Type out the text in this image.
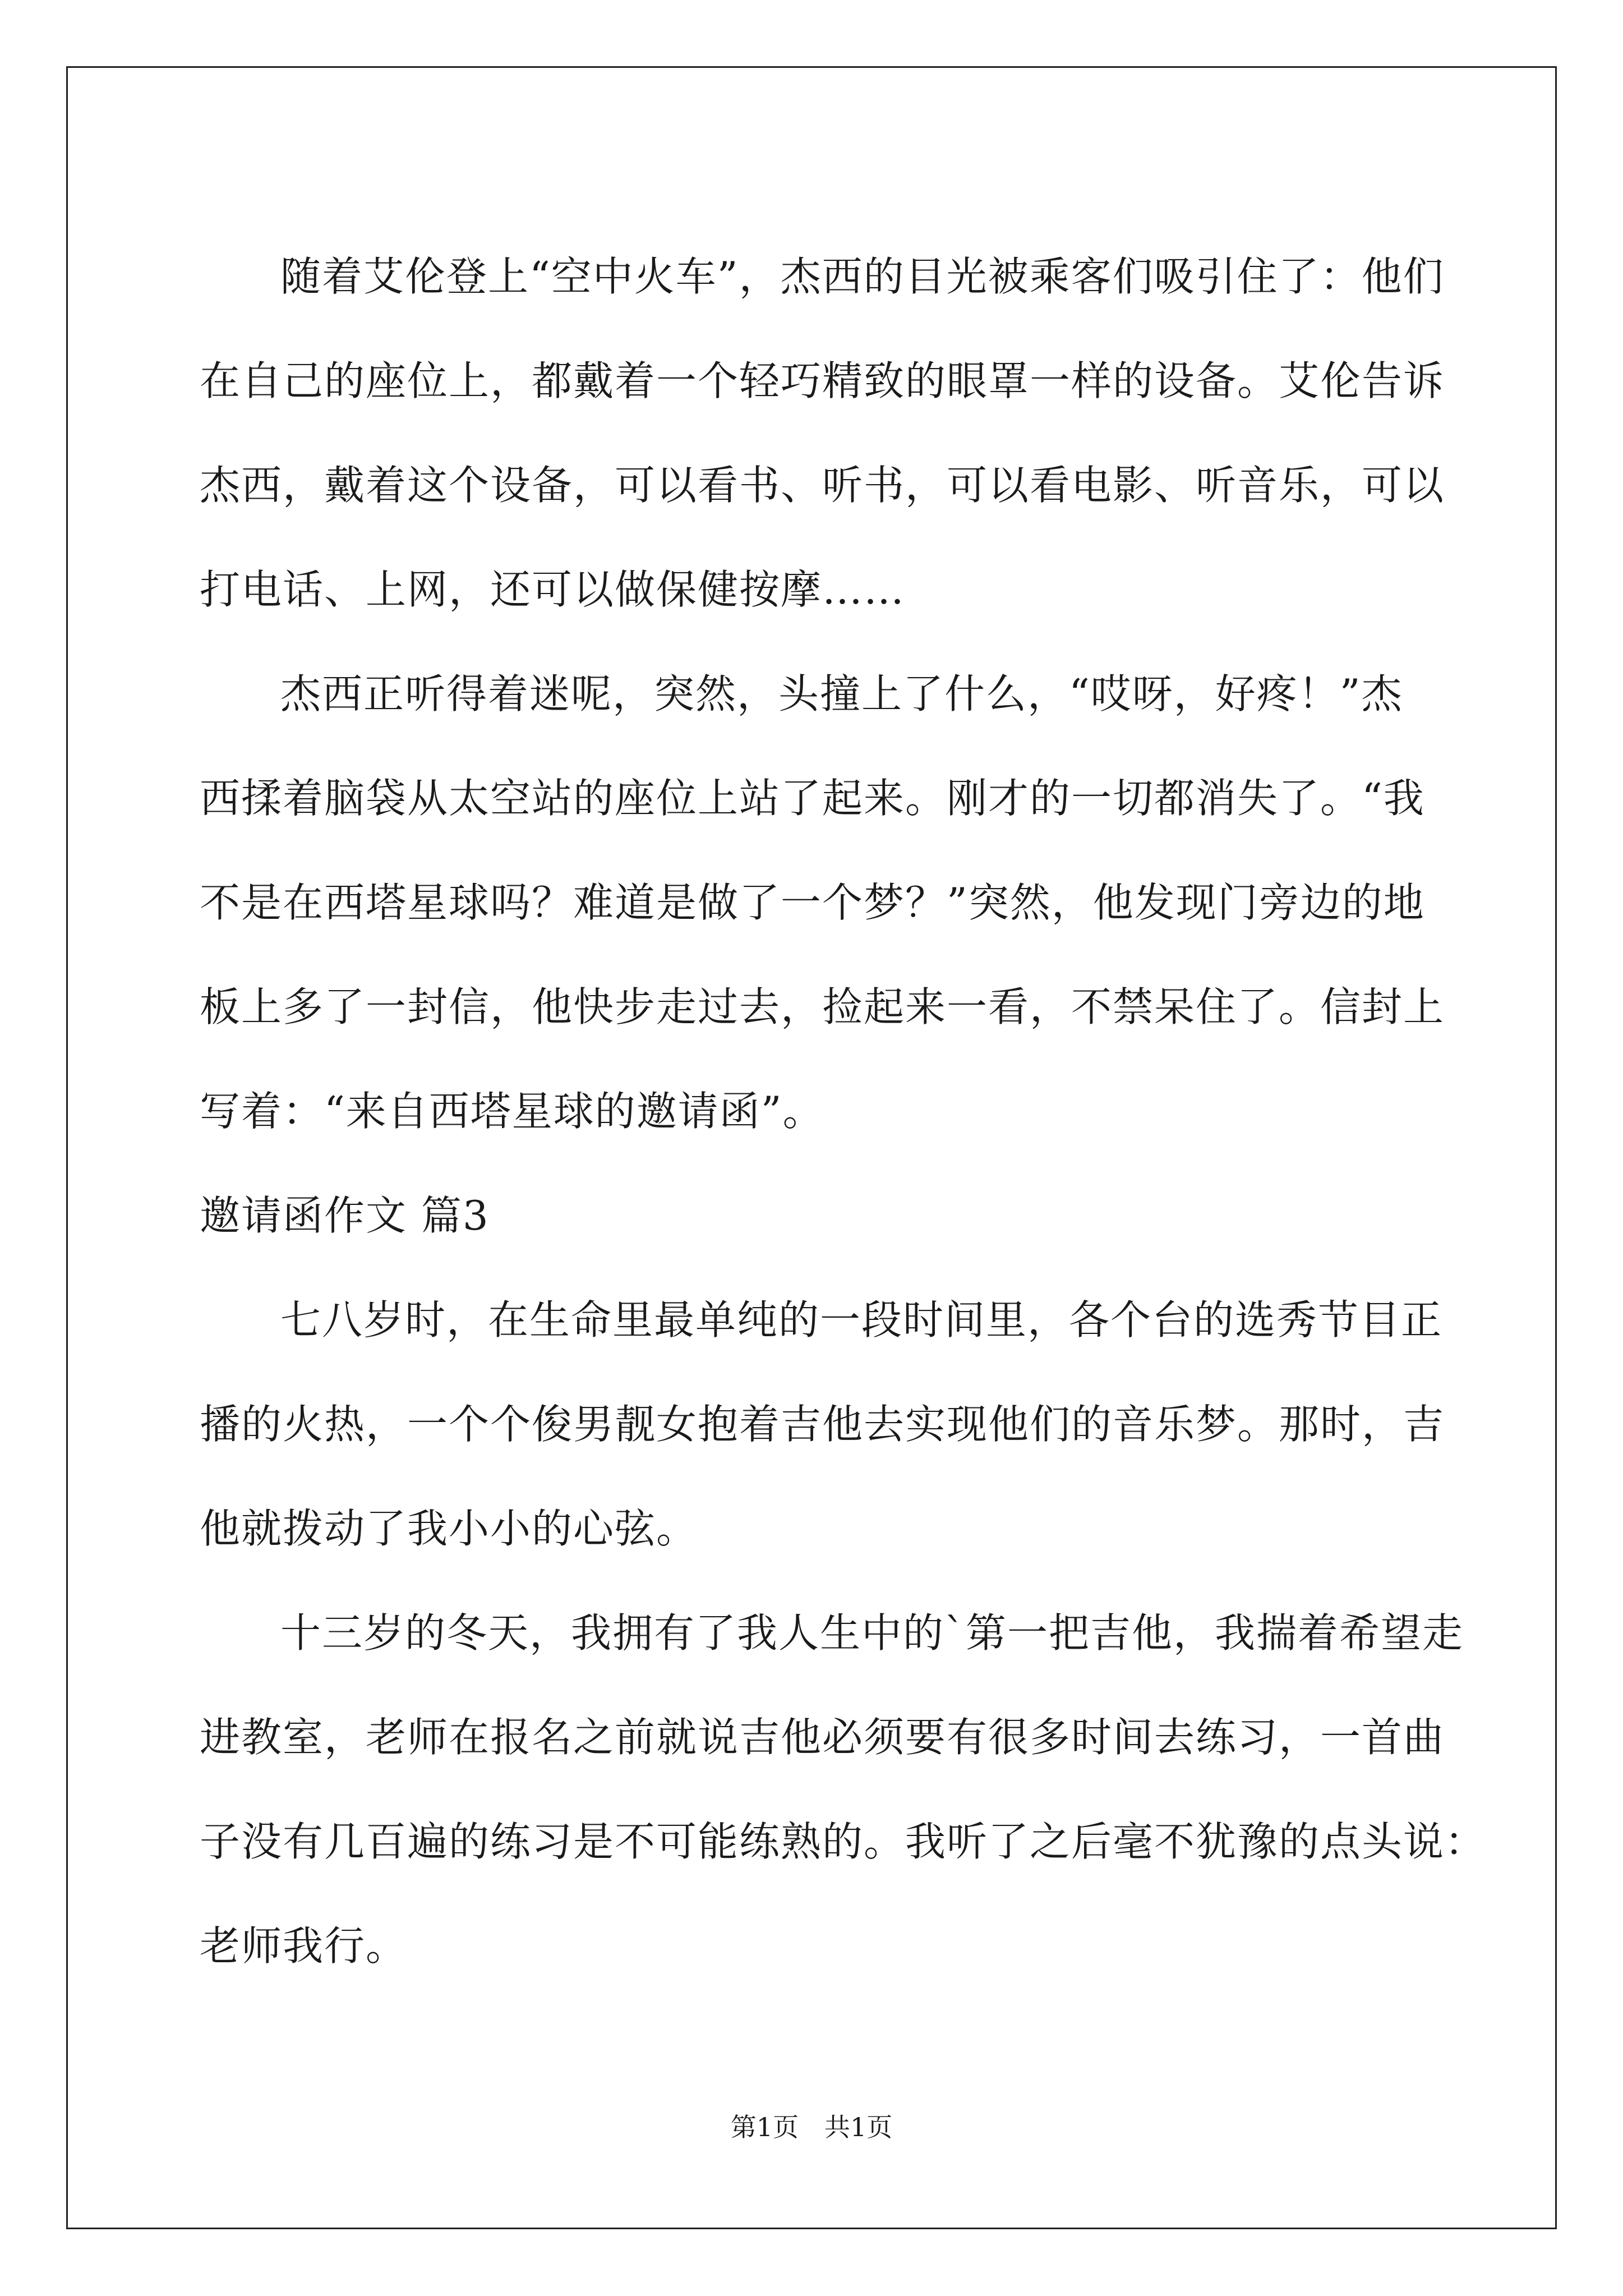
随着艾伦登上“空中火车”，杰西的目光被乘客们吸引住了：他们
在自己的座位上，都戴着一个轻巧精致的眼罩一样的设备。艾伦告诉
杰西，戴着这个设备，可以看书、听书，可以看电影、听音乐，可以
打电话、上网，还可以做保健按摩……
杰西正听得着迷呢，突然，头撞上了什么，“哎呀，好疼！”杰
西揉着脑袋从太空站的座位上站了起来。刚才的一切都消失了。“我
不是在西塔星球吗？难道是做了一个梦？”突然，他发现门旁边的地
板上多了一封信，他快步走过去，捡起来一看，不禁呆住了。信封上
写着：“来自西塔星球的邀请函”。
邀请函作文 篇3
七八岁时，在生命里最单纯的一段时间里，各个台的选秀节目正
播的火热，一个个俊男靓女抱着吉他去实现他们的音乐梦。那时，吉
他就拨动了我小小的心弦。
十三岁的冬天，我拥有了我人生中的`第一把吉他，我揣着希望走
进教室，老师在报名之前就说吉他必须要有很多时间去练习，一首曲
子没有几百遍的练习是不可能练熟的。我听了之后毫不犹豫的点头说：
老师我行。
第1页　共1页
